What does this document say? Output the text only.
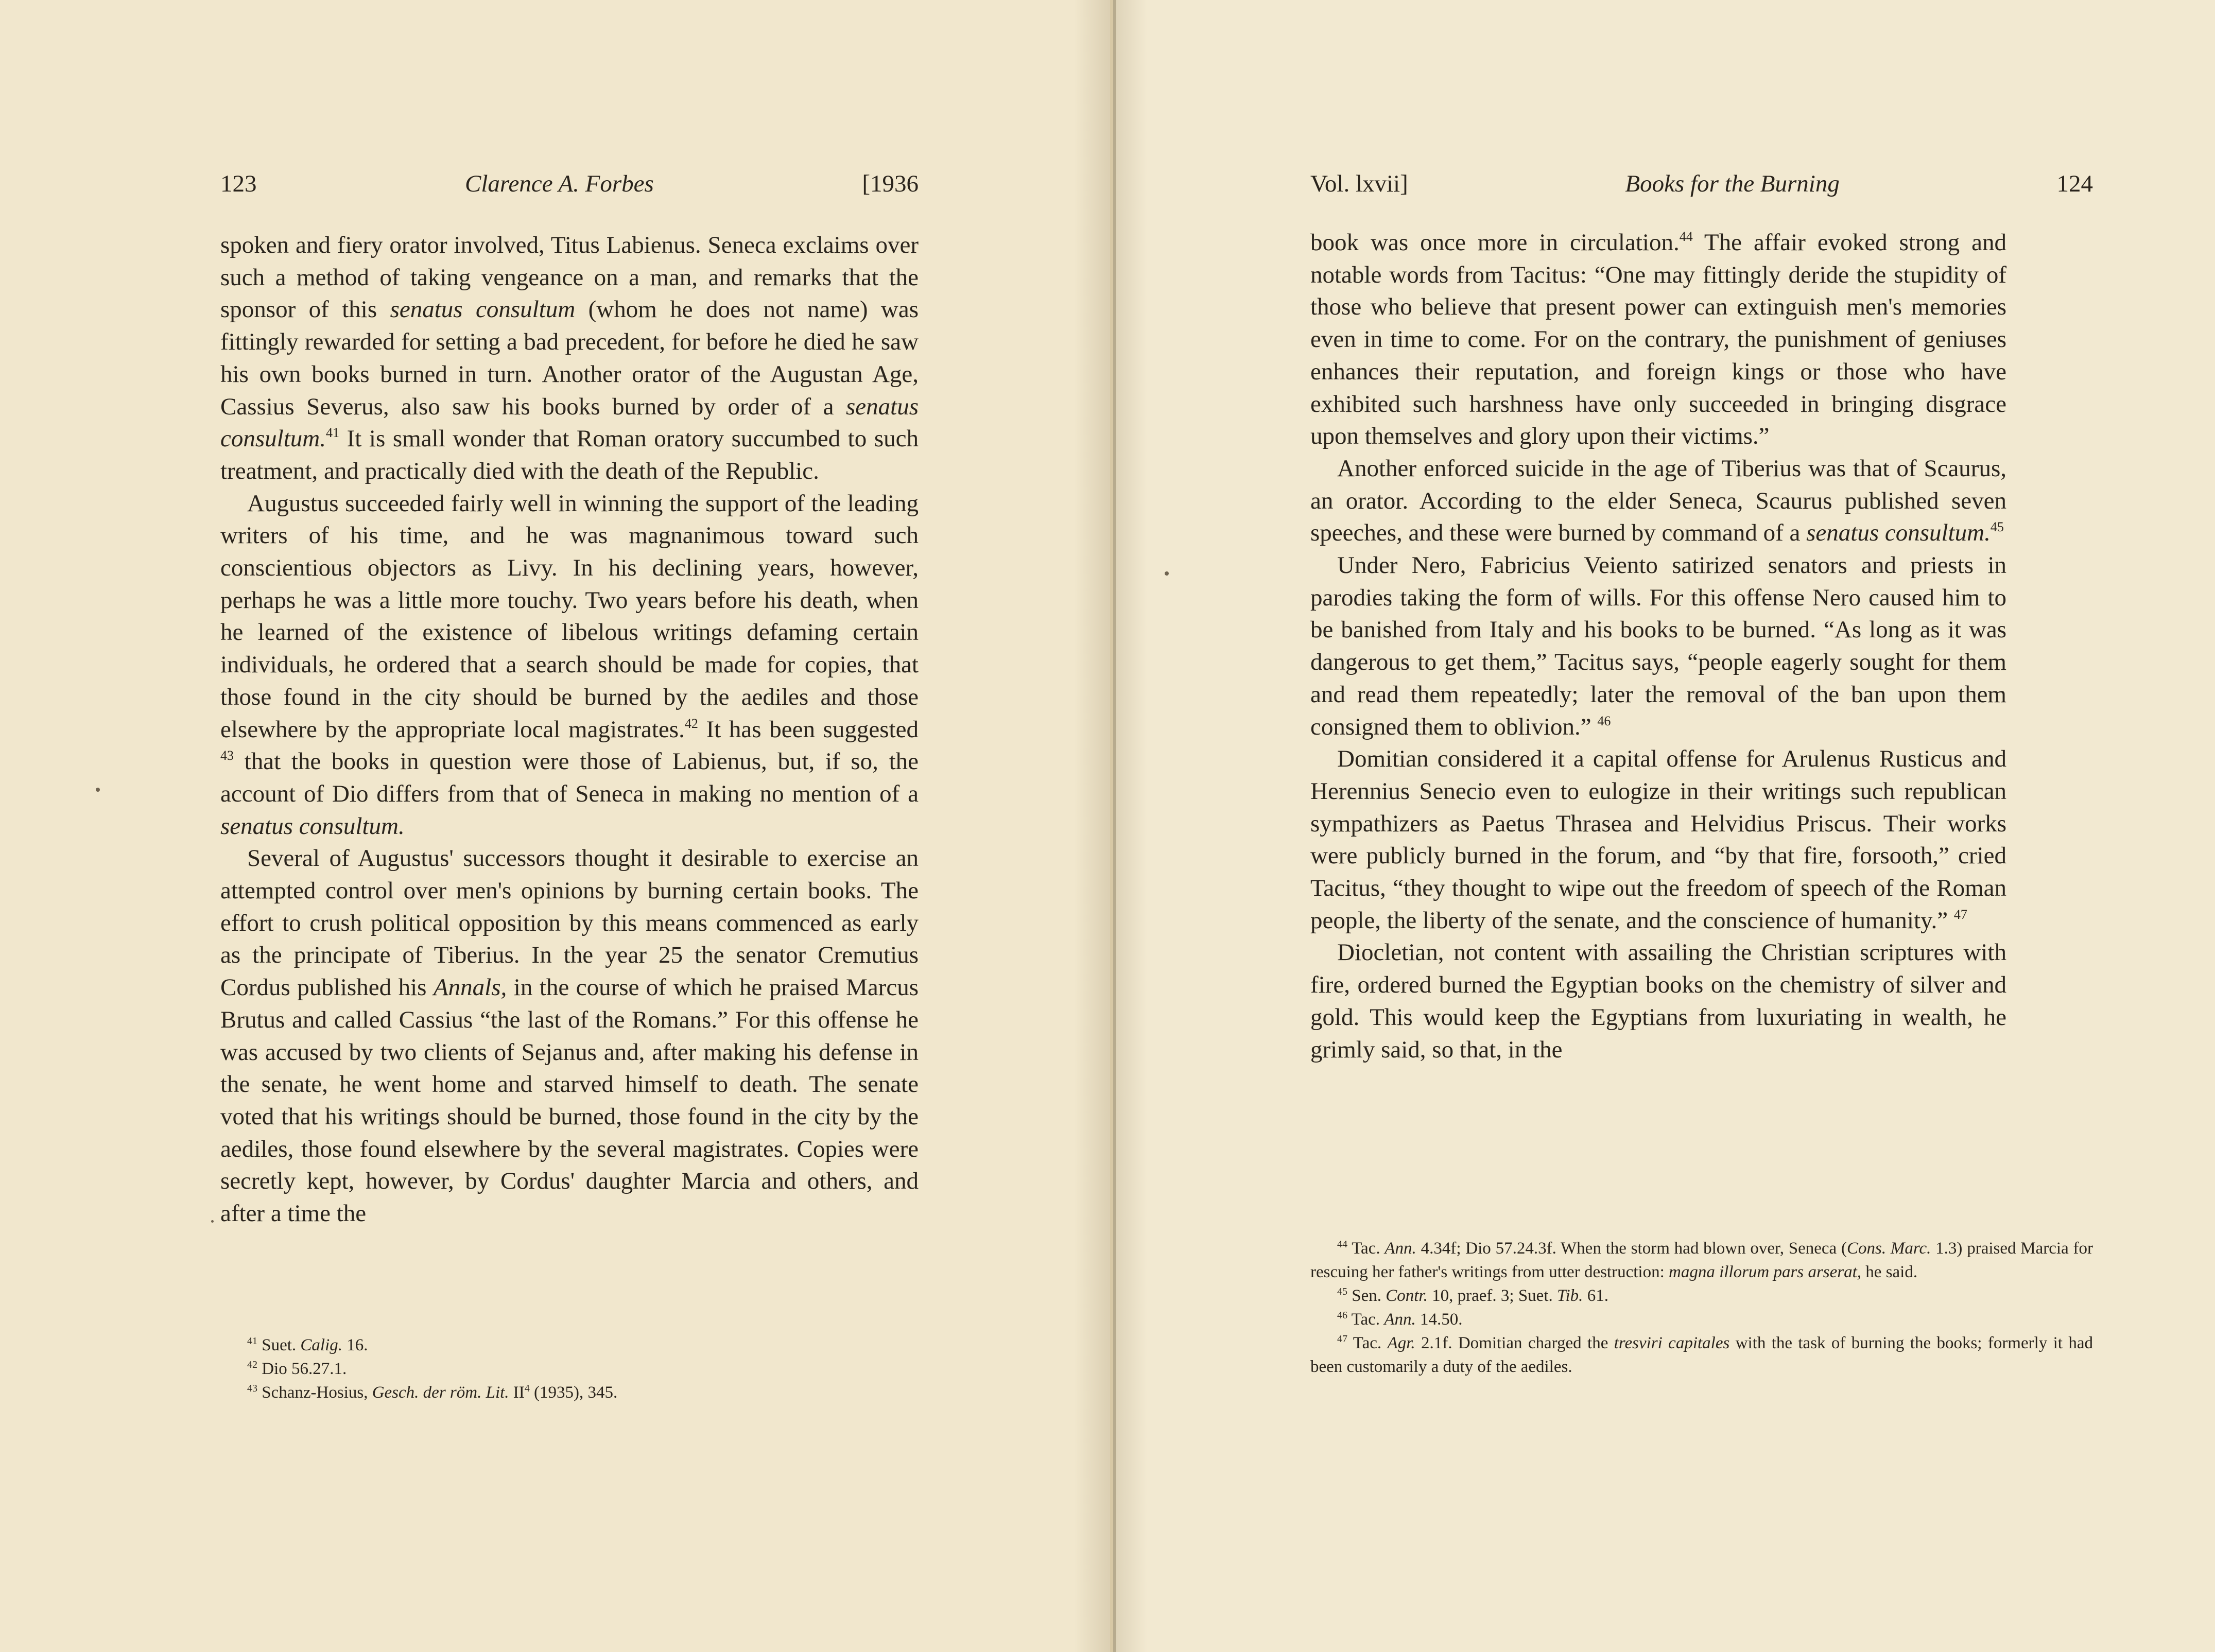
123	Clarence A. Forbes	[1936

spoken and fiery orator involved, Titus Labienus. Seneca exclaims over such a method of taking vengeance on a man, and remarks that the sponsor of this senatus consultum (whom he does not name) was fittingly rewarded for setting a bad precedent, for before he died he saw his own books burned in turn. Another orator of the Augustan Age, Cassius Severus, also saw his books burned by order of a senatus consultum.$^{41}$ It is small wonder that Roman oratory succumbed to such treatment, and practically died with the death of the Republic.

Augustus succeeded fairly well in winning the support of the leading writers of his time, and he was magnanimous toward such conscientious objectors as Livy. In his declining years, however, perhaps he was a little more touchy. Two years before his death, when he learned of the existence of libelous writings defaming certain individuals, he ordered that a search should be made for copies, that those found in the city should be burned by the aediles and those elsewhere by the appropriate local magistrates.$^{42}$ It has been suggested $^{43}$ that the books in question were those of Labienus, but, if so, the account of Dio differs from that of Seneca in making no mention of a senatus consultum.

Several of Augustus' successors thought it desirable to exercise an attempted control over men's opinions by burning certain books. The effort to crush political opposition by this means commenced as early as the principate of Tiberius. In the year 25 the senator Cremutius Cordus published his Annals, in the course of which he praised Marcus Brutus and called Cassius “the last of the Romans.” For this offense he was accused by two clients of Sejanus and, after making his defense in the senate, he went home and starved himself to death. The senate voted that his writings should be burned, those found in the city by the aediles, those found elsewhere by the several magistrates. Copies were secretly kept, however, by Cordus' daughter Marcia and others, and after a time the

$^{41}$ Suet. Calig. 16.

$^{42}$ Dio 56.27.1.

$^{43}$ Schanz-Hosius, Gesch. der röm. Lit. $II^4$ (1935), 345.

Vol. lxvii]	Books for the Burning	124

book was once more in circulation.$^{44}$ The affair evoked strong and notable words from Tacitus: “One may fittingly deride the stupidity of those who believe that present power can extinguish men's memories even in time to come. For on the contrary, the punishment of geniuses enhances their reputation, and foreign kings or those who have exhibited such harshness have only succeeded in bringing disgrace upon themselves and glory upon their victims.”

Another enforced suicide in the age of Tiberius was that of Scaurus, an orator. According to the elder Seneca, Scaurus published seven speeches, and these were burned by command of a senatus consultum.$^{45}$

Under Nero, Fabricius Veiento satirized senators and priests in parodies taking the form of wills. For this offense Nero caused him to be banished from Italy and his books to be burned. “As long as it was dangerous to get them,” Tacitus says, “people eagerly sought for them and read them repeatedly; later the removal of the ban upon them consigned them to oblivion.” $^{46}$

Domitian considered it a capital offense for Arulenus Rusticus and Herennius Senecio even to eulogize in their writings such republican sympathizers as Paetus Thrasea and Helvidius Priscus. Their works were publicly burned in the forum, and “by that fire, forsooth,” cried Tacitus, “they thought to wipe out the freedom of speech of the Roman people, the liberty of the senate, and the conscience of humanity.” $^{47}$

Diocletian, not content with assailing the Christian scriptures with fire, ordered burned the Egyptian books on the chemistry of silver and gold. This would keep the Egyptians from luxuriating in wealth, he grimly said, so that, in the

$^{44}$ Tac. Ann. 4.34f; Dio 57.24.3f. When the storm had blown over, Seneca (Cons. Marc. 1.3) praised Marcia for rescuing her father's writings from utter destruction: magna illorum pars arserat, he said.

$^{45}$ Sen. Contr. 10, praef. 3; Suet. Tib. 61.

$^{46}$ Tac. Ann. 14.50.

$^{47}$ Tac. Agr. 2.1f. Domitian charged the tresviri capitales with the task of burning the books; formerly it had been customarily a duty of the aediles.
